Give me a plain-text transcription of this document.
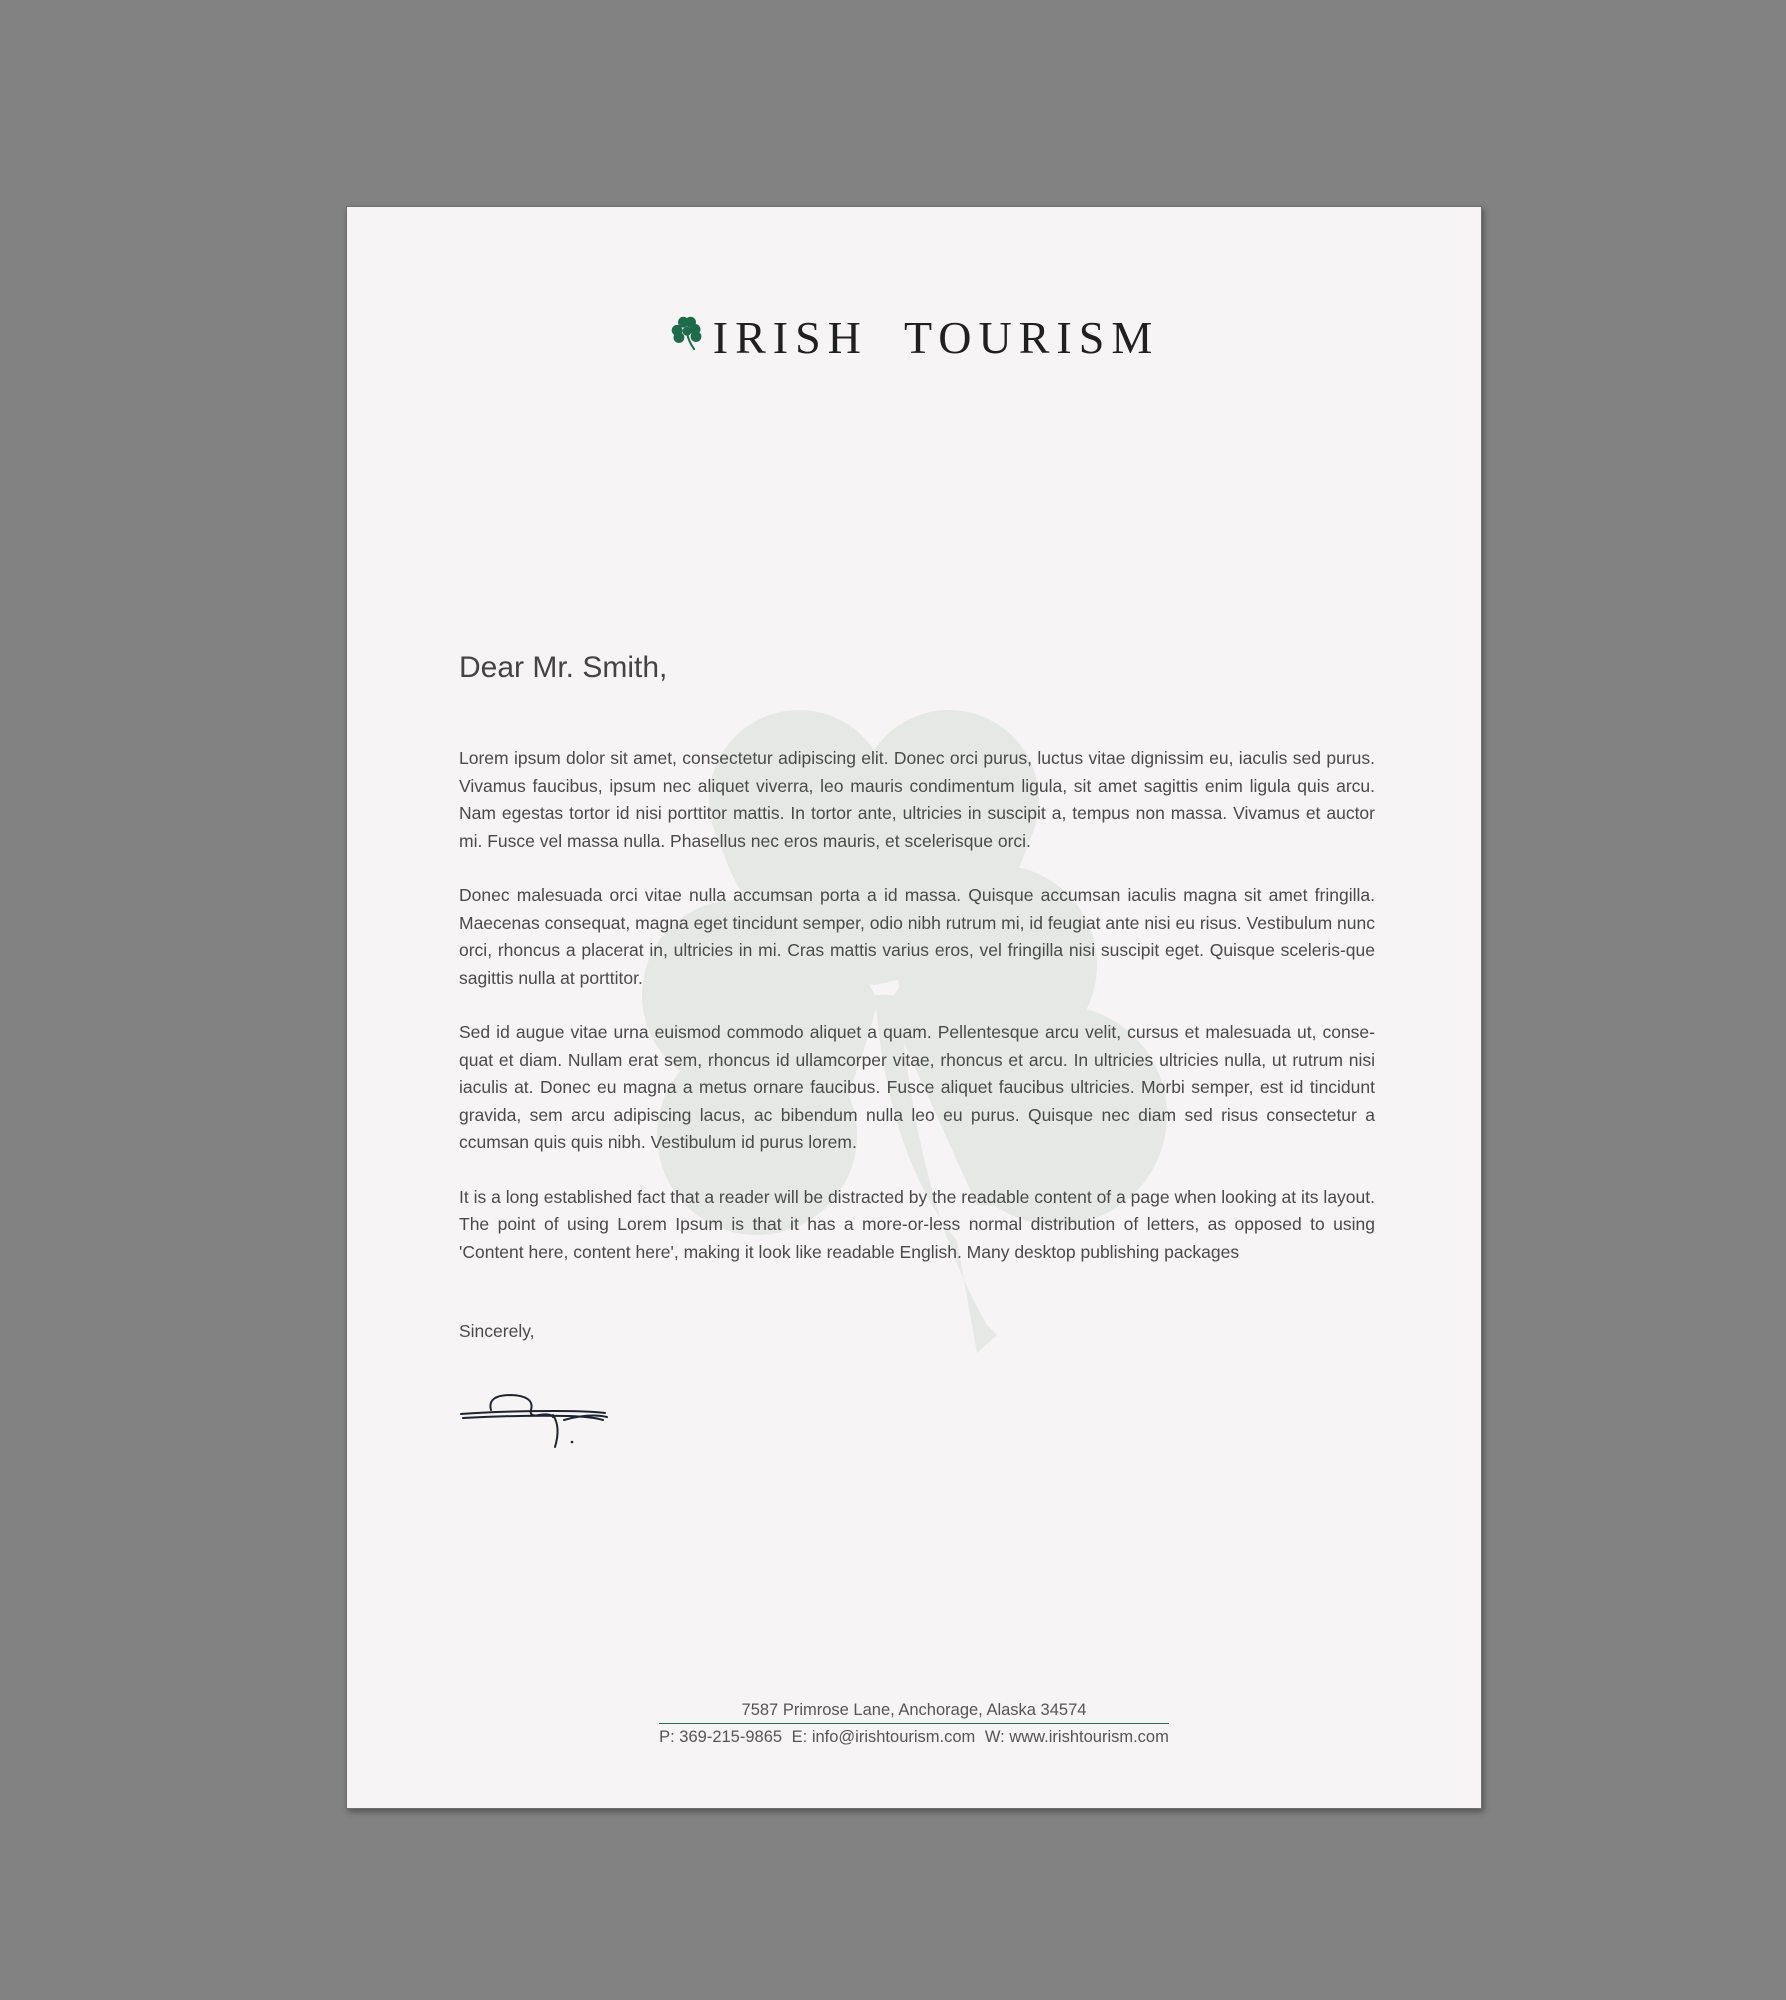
IRISH  TOURISM
Dear Mr. Smith,

Lorem ipsum dolor sit amet, consectetur adipiscing elit. Donec orci purus, luctus vitae dignissim eu, iaculis sed purus. Vivamus faucibus, ipsum nec aliquet viverra, leo mauris condimentum ligula, sit amet sagittis enim ligula quis arcu. Nam egestas tortor id nisi porttitor mattis. In tortor ante, ultricies in suscipit a, tempus non massa. Vivamus et auctor mi. Fusce vel massa nulla. Phasellus nec eros mauris, et scelerisque orci.

Donec malesuada orci vitae nulla accumsan porta a id massa. Quisque accumsan iaculis magna sit amet fringilla. Maecenas consequat, magna eget tincidunt semper, odio nibh rutrum mi, id feugiat ante nisi eu risus. Vestibulum nunc orci, rhoncus a placerat in, ultricies in mi. Cras mattis varius eros, vel fringilla nisi suscipit eget. Quisque sceleris-que sagittis nulla at porttitor.

Sed id augue vitae urna euismod commodo aliquet a quam. Pellentesque arcu velit, cursus et malesuada ut, conse-quat et diam. Nullam erat sem, rhoncus id ullamcorper vitae, rhoncus et arcu. In ultricies ultricies nulla, ut rutrum nisi iaculis at. Donec eu magna a metus ornare faucibus. Fusce aliquet faucibus ultricies. Morbi semper, est id tincidunt gravida, sem arcu adipiscing lacus, ac bibendum nulla leo eu purus. Quisque nec diam sed risus consectetur a ccumsan quis quis nibh. Vestibulum id purus lorem.

It is a long established fact that a reader will be distracted by the readable content of a page when looking at its layout. The point of using Lorem Ipsum is that it has a more-or-less normal distribution of letters, as opposed to using 'Content here, content here', making it look like readable English. Many desktop publishing packages

Sincerely,
7587 Primrose Lane, Anchorage, Alaska 34574
P: 369-215-9865 E: info@irishtourism.com W: www.irishtourism.com
